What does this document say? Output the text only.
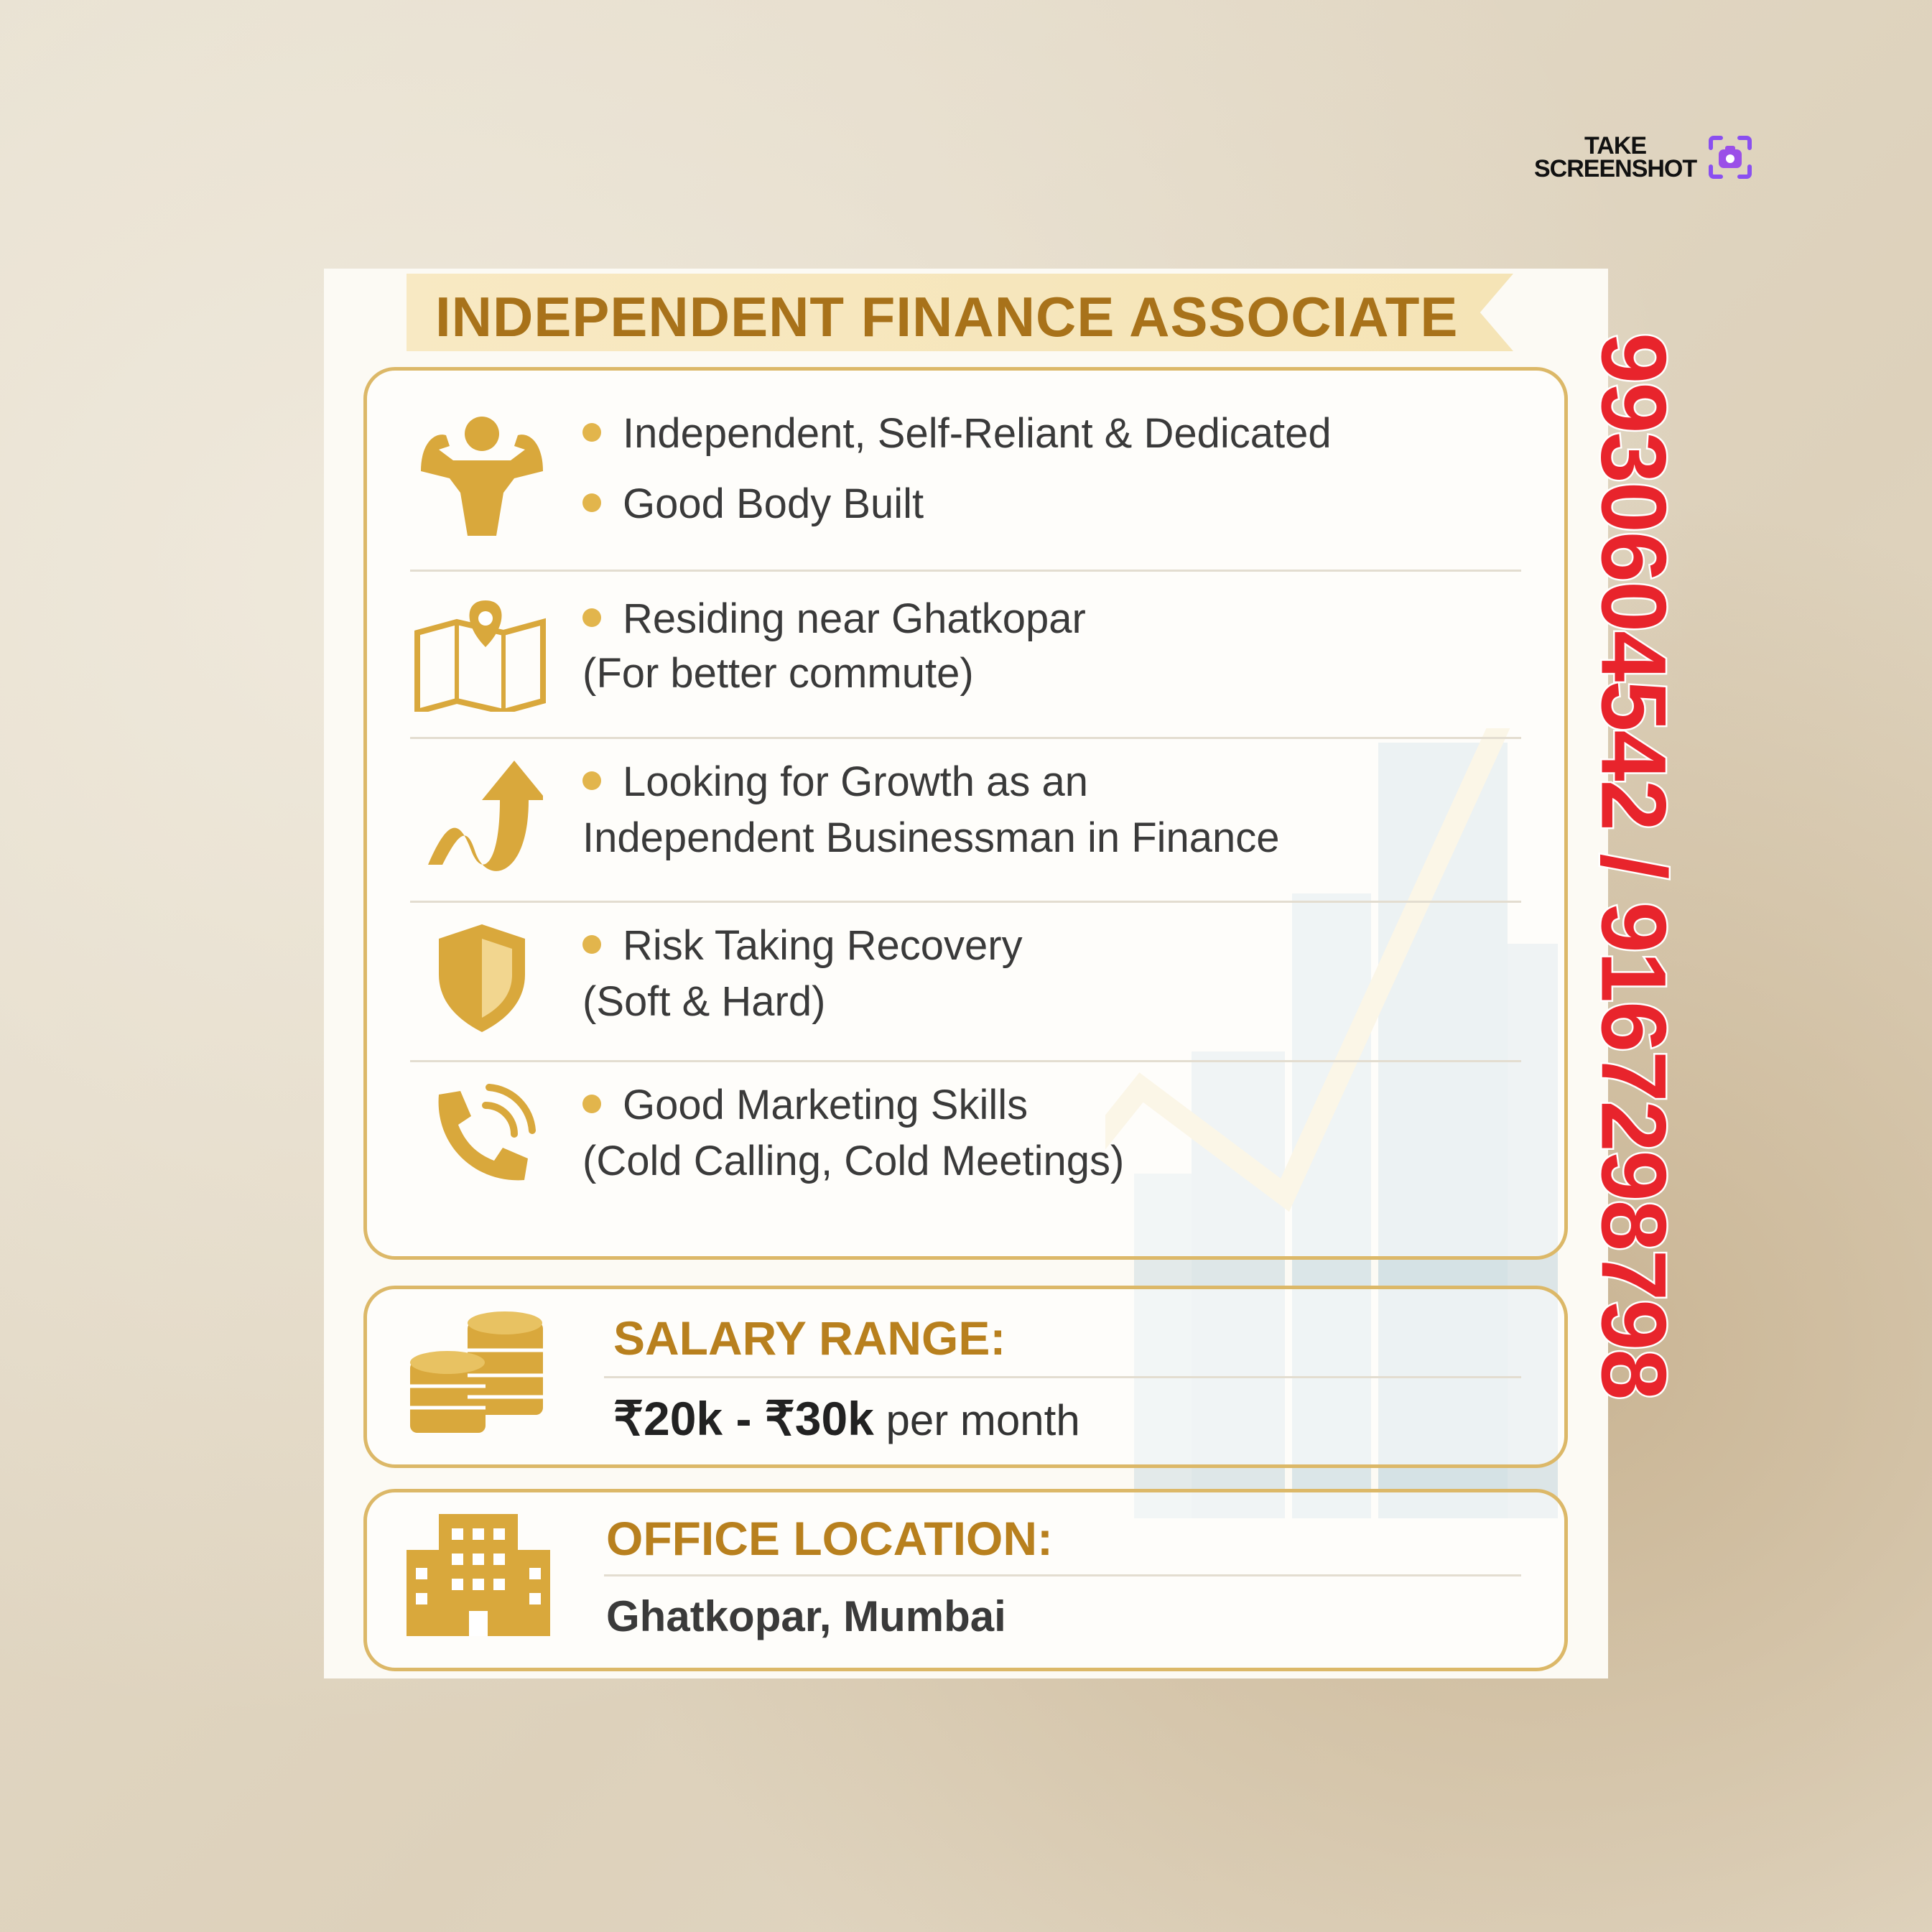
TAKE
SCREENSHOT
INDEPENDENT FINANCE ASSOCIATE
Independent, Self-Reliant & Dedicated
Good Body Built
Residing near Ghatkopar
(For better commute)
Looking for Growth as an
Independent Businessman in Finance
Risk Taking Recovery
(Soft & Hard)
Good Marketing Skills
(Cold Calling, Cold Meetings)
SALARY RANGE:
₹20k - ₹30k per month
OFFICE LOCATION:
Ghatkopar, Mumbai
9930604542 / 9167298798
